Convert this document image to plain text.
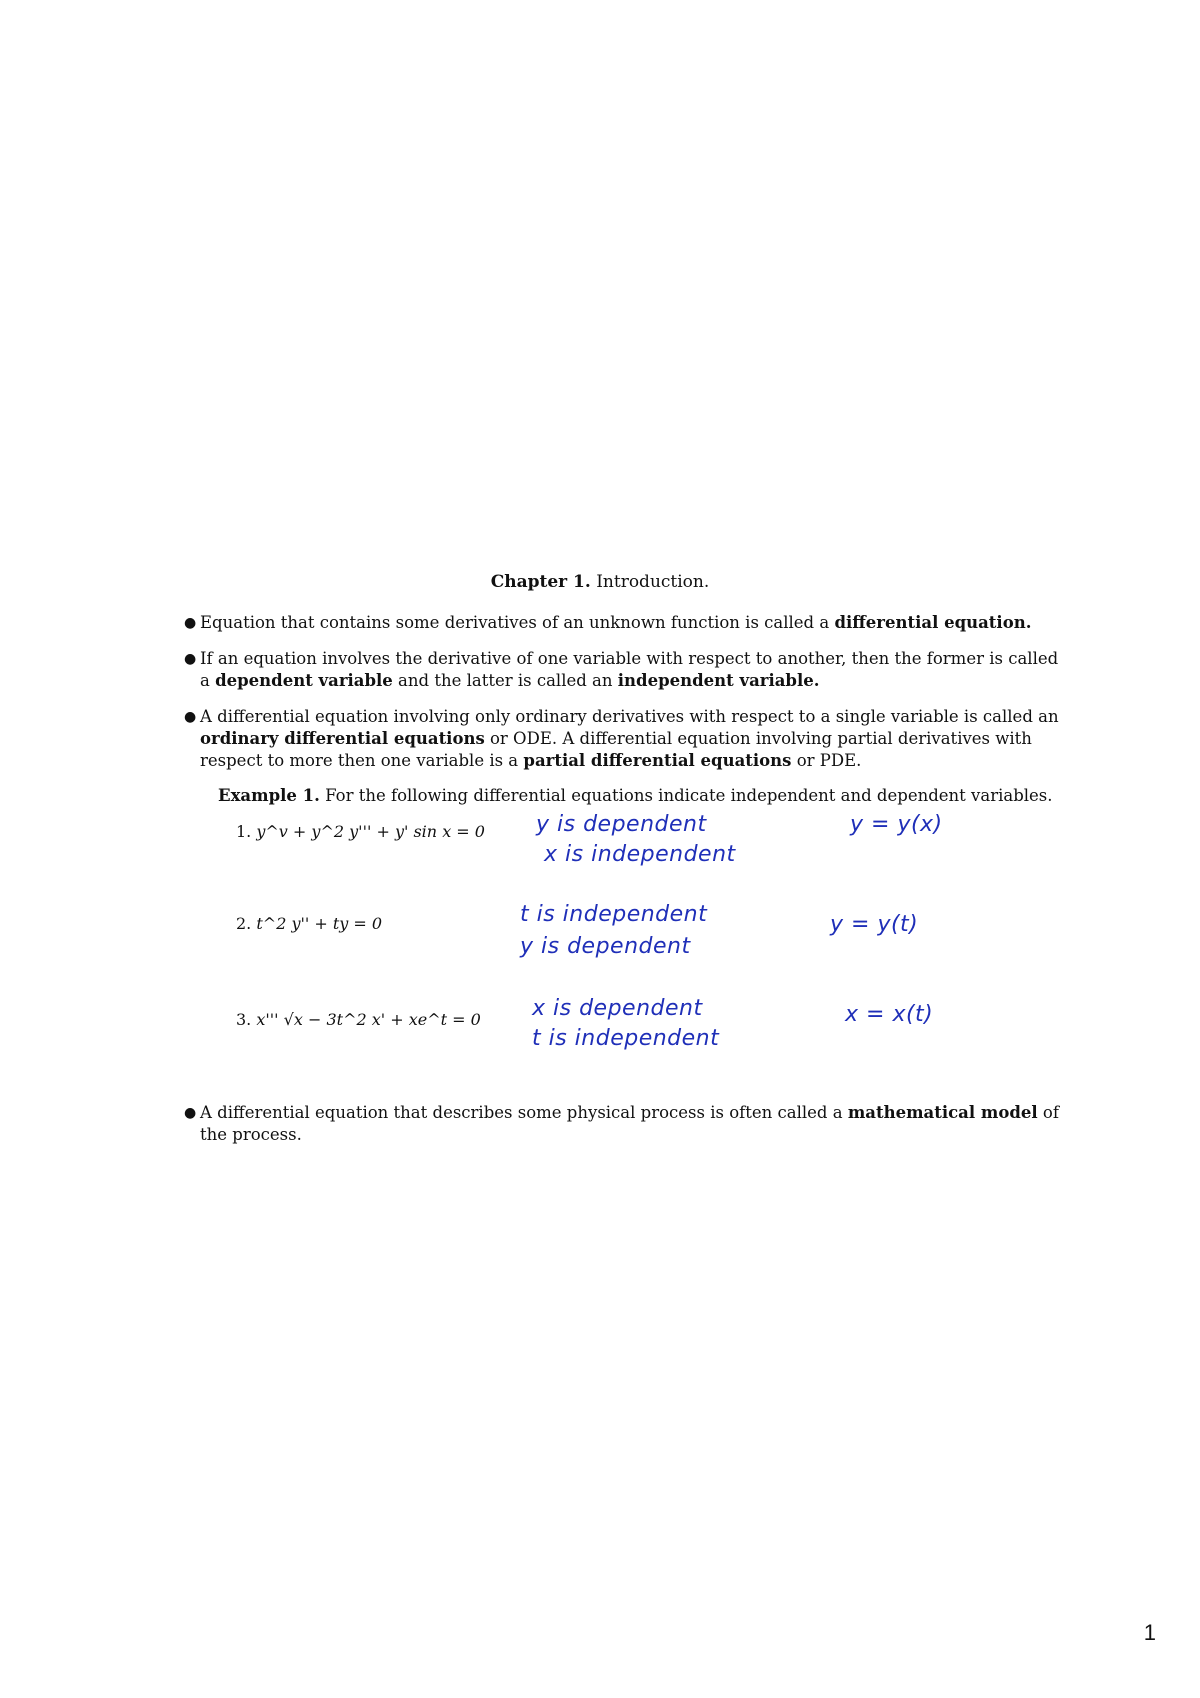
Chapter 1. Introduction.
● Equation that contains some derivatives of an unknown function is called a differential equation.
● If an equation involves the derivative of one variable with respect to another, then the former is called a dependent variable and the latter is called an independent variable.
● A differential equation involving only ordinary derivatives with respect to a single variable is called an ordinary differential equations or ODE. A differential equation involving partial derivatives with respect to more then one variable is a partial differential equations or PDE.
Example 1. For the following differential equations indicate independent and dependent variables.
1. y^v + y^2 y''' + y' sin x = 0 y is dependent
x is independent
y = y(x)
2. t^2 y'' + ty = 0	t is independent
y is dependent
y = y(t)
3. x''' √x − 3t^2 x' + xe^t = 0 x is dependent
t is independent
x = x(t)
● A differential equation that describes some physical process is often called a mathematical model of the process.
1
